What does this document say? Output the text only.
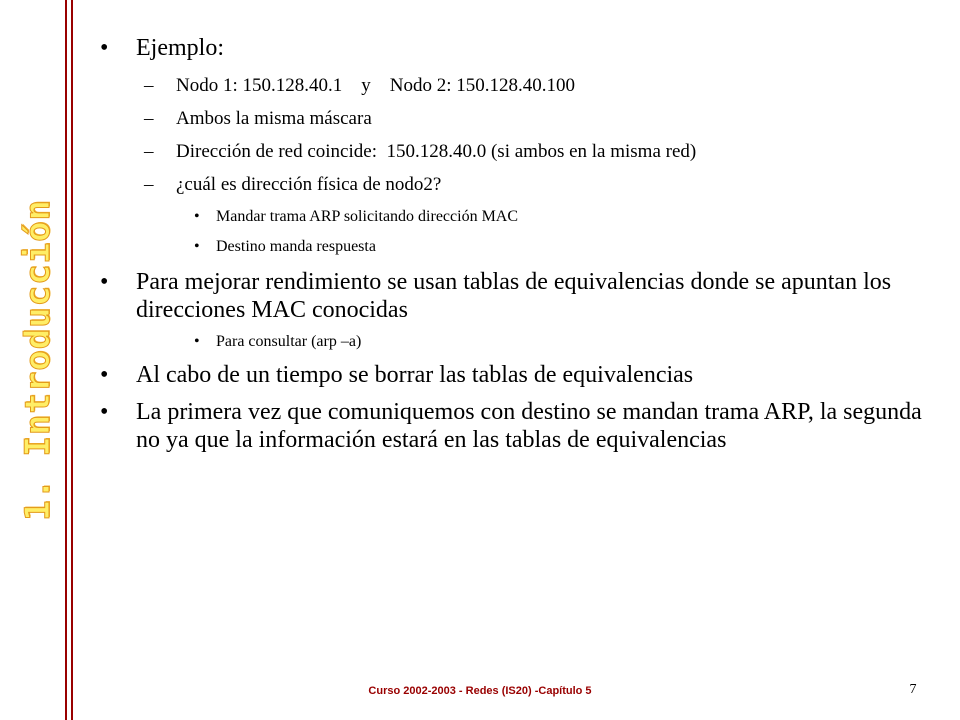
1. Introducción
• Ejemplo:
– Nodo 1: 150.128.40.1    y    Nodo 2: 150.128.40.100
– Ambos la misma máscara
– Dirección de red coincide:  150.128.40.0 (si ambos en la misma red)
– ¿cuál es dirección física de nodo2?
• Mandar trama ARP solicitando dirección MAC
• Destino manda respuesta
• Para mejorar rendimiento se usan tablas de equivalencias donde se apuntan los direcciones MAC conocidas
• Para consultar (arp –a)
• Al cabo de un tiempo se borrar las tablas de equivalencias
• La primera vez que comuniquemos con destino se mandan trama ARP, la segunda no ya que la información estará en las tablas de equivalencias
Curso 2002-2003 - Redes (IS20) -Capítulo 5	7
